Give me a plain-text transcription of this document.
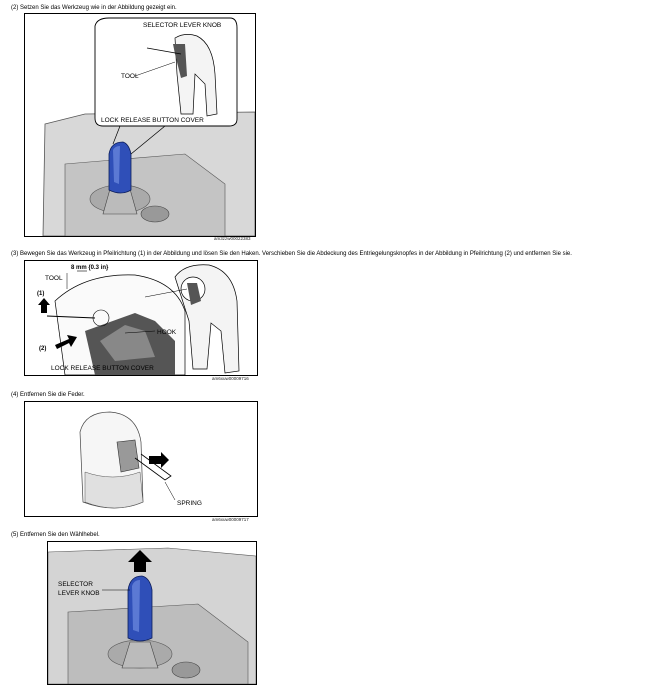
(2) Setzen Sie das Werkzeug wie in der Abbildung gezeigt ein.
SELECTOR LEVER KNOB
TOOL
LOCK RELEASE BUTTON COVER
am3zzw00022383
(3) Bewegen Sie das Werkzeug in Pfeilrichtung (1) in der Abbildung und lösen Sie den Haken. Verschieben Sie die Abdeckung des Entriegelungsknopfes in der Abbildung in Pfeilrichtung (2) und entfernen Sie sie.
TOOL
8 mm {0.3 in}
(1)
(2)
HOOK
LOCK RELEASE BUTTON COVER
am6xuw00009716
(4) Entfernen Sie die Feder.
SPRING
am6xuw00009717
(5) Entfernen Sie den Wählhebel.
SELECTOR
LEVER KNOB
